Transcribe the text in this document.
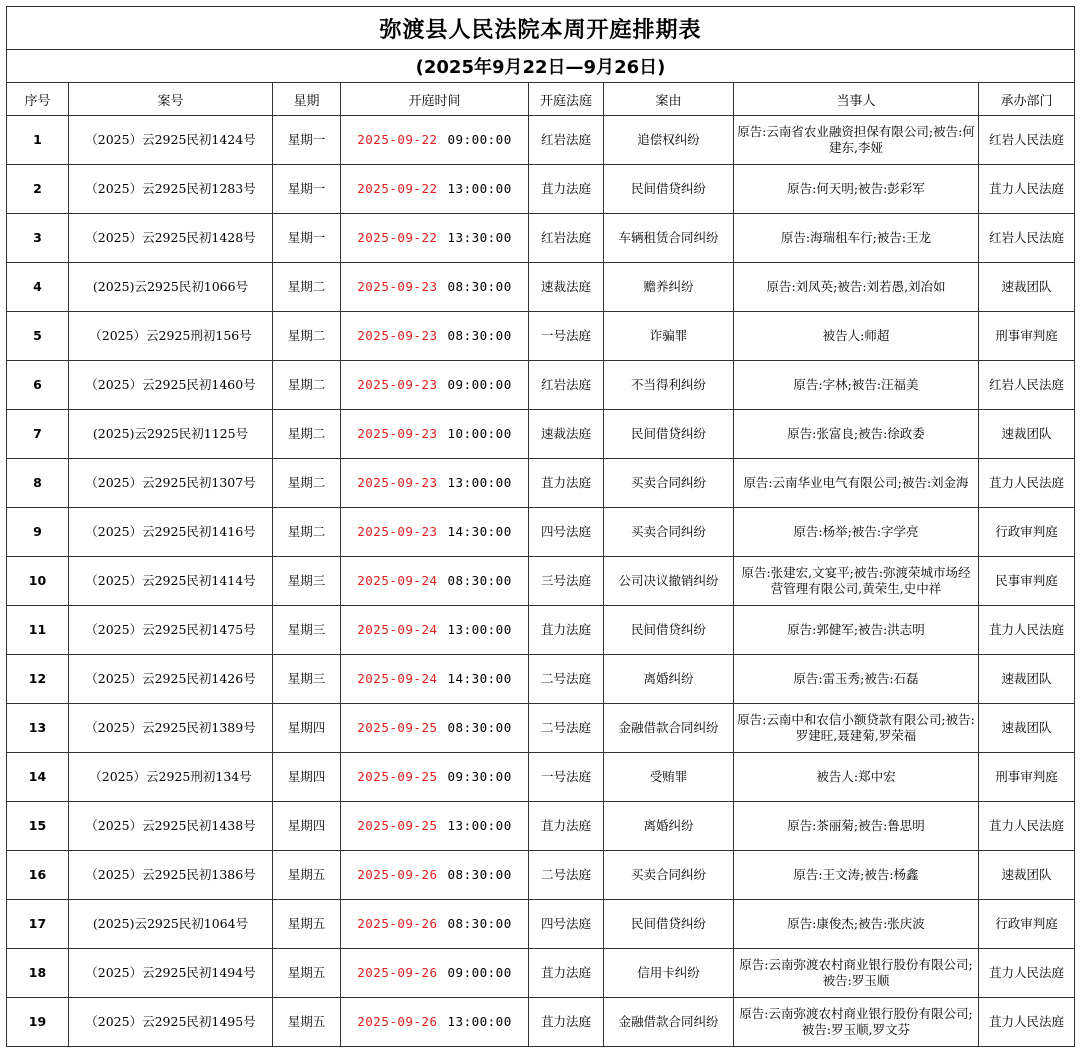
弥渡县人民法院本周开庭排期表							
(2025年9月22日—9月26日)							
序号	案号	星期	开庭时间	开庭法庭	案由	当事人	承办部门
1	（2025）云2925民初1424号	星期一	2025-09-22 09:00:00	红岩法庭	追偿权纠纷	原告:云南省农业融资担保有限公司;被告:何建东,李娅	红岩人民法庭
2	（2025）云2925民初1283号	星期一	2025-09-22 13:00:00	苴力法庭	民间借贷纠纷	原告:何天明;被告:彭彩军	苴力人民法庭
3	（2025）云2925民初1428号	星期一	2025-09-22 13:30:00	红岩法庭	车辆租赁合同纠纷	原告:海瑞租车行;被告:王龙	红岩人民法庭
4	(2025)云2925民初1066号	星期二	2025-09-23 08:30:00	速裁法庭	赡养纠纷	原告:刘凤英;被告:刘若愚,刘冶如	速裁团队
5	（2025）云2925刑初156号	星期二	2025-09-23 08:30:00	一号法庭	诈骗罪	被告人:师超	刑事审判庭
6	（2025）云2925民初1460号	星期二	2025-09-23 09:00:00	红岩法庭	不当得利纠纷	原告:字林;被告:汪福美	红岩人民法庭
7	(2025)云2925民初1125号	星期二	2025-09-23 10:00:00	速裁法庭	民间借贷纠纷	原告:张富良;被告:徐政委	速裁团队
8	（2025）云2925民初1307号	星期二	2025-09-23 13:00:00	苴力法庭	买卖合同纠纷	原告:云南华业电气有限公司;被告:刘金海	苴力人民法庭
9	（2025）云2925民初1416号	星期二	2025-09-23 14:30:00	四号法庭	买卖合同纠纷	原告:杨举;被告:字学亮	行政审判庭
10	（2025）云2925民初1414号	星期三	2025-09-24 08:30:00	三号法庭	公司决议撤销纠纷	原告:张建宏,文宴平;被告:弥渡荣城市场经营管理有限公司,黄荣生,史中祥	民事审判庭
11	（2025）云2925民初1475号	星期三	2025-09-24 13:00:00	苴力法庭	民间借贷纠纷	原告:郭健军;被告:洪志明	苴力人民法庭
12	（2025）云2925民初1426号	星期三	2025-09-24 14:30:00	二号法庭	离婚纠纷	原告:雷玉秀;被告:石磊	速裁团队
13	（2025）云2925民初1389号	星期四	2025-09-25 08:30:00	二号法庭	金融借款合同纠纷	原告:云南中和农信小额贷款有限公司;被告:罗建旺,聂建菊,罗荣福	速裁团队
14	（2025）云2925刑初134号	星期四	2025-09-25 09:30:00	一号法庭	受贿罪	被告人:郑中宏	刑事审判庭
15	（2025）云2925民初1438号	星期四	2025-09-25 13:00:00	苴力法庭	离婚纠纷	原告:茶丽菊;被告:鲁思明	苴力人民法庭
16	（2025）云2925民初1386号	星期五	2025-09-26 08:30:00	二号法庭	买卖合同纠纷	原告:王文涛;被告:杨鑫	速裁团队
17	(2025)云2925民初1064号	星期五	2025-09-26 08:30:00	四号法庭	民间借贷纠纷	原告:康俊杰;被告:张庆波	行政审判庭
18	（2025）云2925民初1494号	星期五	2025-09-26 09:00:00	苴力法庭	信用卡纠纷	原告:云南弥渡农村商业银行股份有限公司;被告:罗玉顺	苴力人民法庭
19	（2025）云2925民初1495号	星期五	2025-09-26 13:00:00	苴力法庭	金融借款合同纠纷	原告:云南弥渡农村商业银行股份有限公司;被告:罗玉顺,罗文芬	苴力人民法庭
